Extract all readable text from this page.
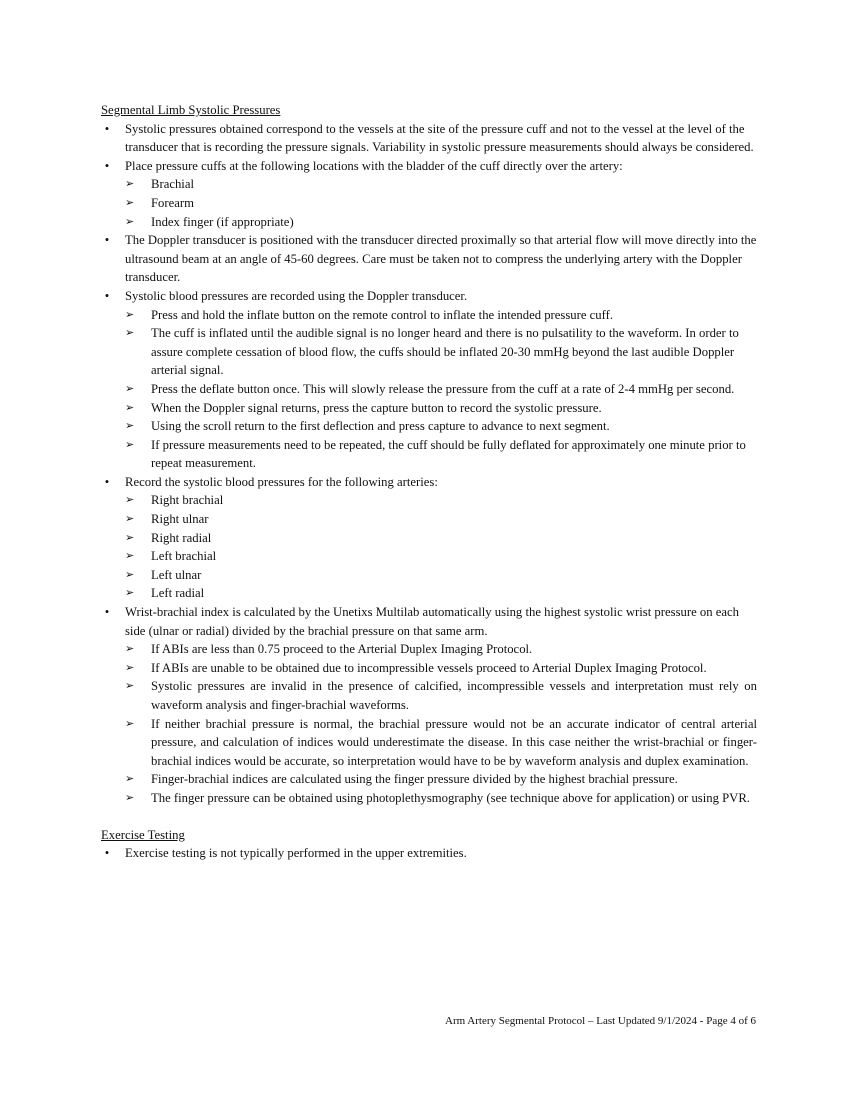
Segmental Limb Systolic Pressures

• Systolic pressures obtained correspond to the vessels at the site of the pressure cuff and not to the vessel at the level of the transducer that is recording the pressure signals. Variability in systolic pressure measurements should always be considered.
• Place pressure cuffs at the following locations with the bladder of the cuff directly over the artery:
➢ Brachial
➢ Forearm
➢ Index finger (if appropriate)
• The Doppler transducer is positioned with the transducer directed proximally so that arterial flow will move directly into the ultrasound beam at an angle of 45-60 degrees. Care must be taken not to compress the underlying artery with the Doppler transducer.
• Systolic blood pressures are recorded using the Doppler transducer.
➢ Press and hold the inflate button on the remote control to inflate the intended pressure cuff.
➢ The cuff is inflated until the audible signal is no longer heard and there is no pulsatility to the waveform. In order to assure complete cessation of blood flow, the cuffs should be inflated 20-30 mmHg beyond the last audible Doppler arterial signal.
➢ Press the deflate button once. This will slowly release the pressure from the cuff at a rate of 2-4 mmHg per second.
➢ When the Doppler signal returns, press the capture button to record the systolic pressure.
➢ Using the scroll return to the first deflection and press capture to advance to next segment.
➢ If pressure measurements need to be repeated, the cuff should be fully deflated for approximately one minute prior to repeat measurement.
• Record the systolic blood pressures for the following arteries:
➢ Right brachial
➢ Right ulnar
➢ Right radial
➢ Left brachial
➢ Left ulnar
➢ Left radial
• Wrist-brachial index is calculated by the Unetixs Multilab automatically using the highest systolic wrist pressure on each side (ulnar or radial) divided by the brachial pressure on that same arm.
➢ If ABIs are less than 0.75 proceed to the Arterial Duplex Imaging Protocol.
➢ If ABIs are unable to be obtained due to incompressible vessels proceed to Arterial Duplex Imaging Protocol.
➢ Systolic pressures are invalid in the presence of calcified, incompressible vessels and interpretation must rely on waveform analysis and finger-brachial waveforms.
➢ If neither brachial pressure is normal, the brachial pressure would not be an accurate indicator of central arterial pressure, and calculation of indices would underestimate the disease. In this case neither the wrist-brachial or finger-brachial indices would be accurate, so interpretation would have to be by waveform analysis and duplex examination.
➢ Finger-brachial indices are calculated using the finger pressure divided by the highest brachial pressure.
➢ The finger pressure can be obtained using photoplethysmography (see technique above for application) or using PVR.

Exercise Testing

• Exercise testing is not typically performed in the upper extremities.
Arm Artery Segmental Protocol – Last Updated 9/1/2024 - Page 4 of 6
